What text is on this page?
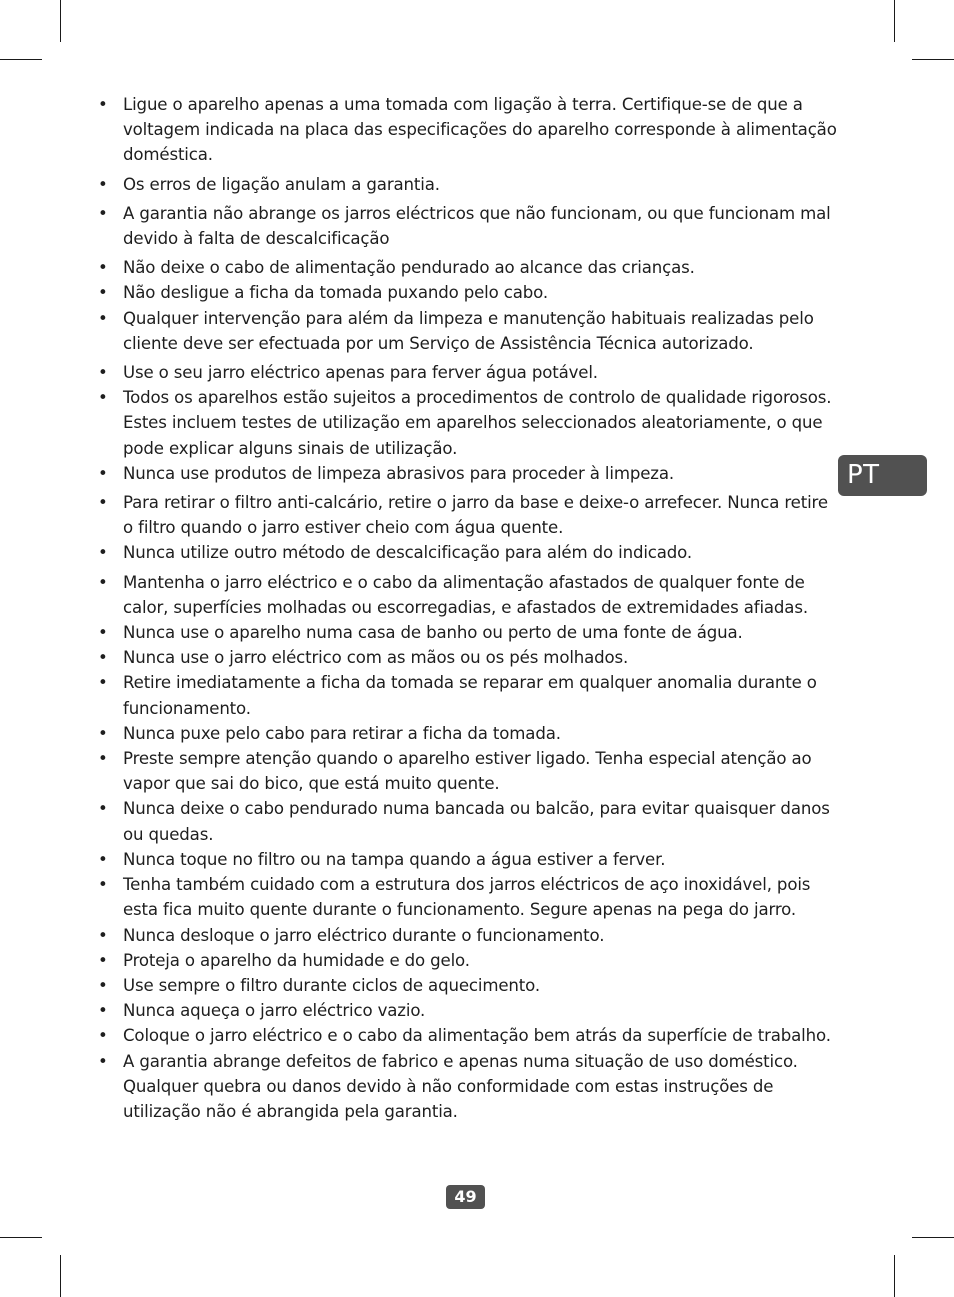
• Ligue o aparelho apenas a uma tomada com ligação à terra. Certifique-se de que a voltagem indicada na placa das especificações do aparelho corresponde à alimentação doméstica.
• Os erros de ligação anulam a garantia.
• A garantia não abrange os jarros eléctricos que não funcionam, ou que funcionam mal devido à falta de descalcificação
• Não deixe o cabo de alimentação pendurado ao alcance das crianças.
• Não desligue a ficha da tomada puxando pelo cabo.
• Qualquer intervenção para além da limpeza e manutenção habituais realizadas pelo cliente deve ser efectuada por um Serviço de Assistência Técnica autorizado.
• Use o seu jarro eléctrico apenas para ferver água potável.
• Todos os aparelhos estão sujeitos a procedimentos de controlo de qualidade rigorosos. Estes incluem testes de utilização em aparelhos seleccionados aleatoriamente, o que pode explicar alguns sinais de utilização.
• Nunca use produtos de limpeza abrasivos para proceder à limpeza.
• Para retirar o filtro anti-calcário, retire o jarro da base e deixe-o arrefecer. Nunca retire o filtro quando o jarro estiver cheio com água quente.
• Nunca utilize outro método de descalcificação para além do indicado.
• Mantenha o jarro eléctrico e o cabo da alimentação afastados de qualquer fonte de calor, superfícies molhadas ou escorregadias, e afastados de extremidades afiadas.
• Nunca use o aparelho numa casa de banho ou perto de uma fonte de água.
• Nunca use o jarro eléctrico com as mãos ou os pés molhados.
• Retire imediatamente a ficha da tomada se reparar em qualquer anomalia durante o funcionamento.
• Nunca puxe pelo cabo para retirar a ficha da tomada.
• Preste sempre atenção quando o aparelho estiver ligado. Tenha especial atenção ao vapor que sai do bico, que está muito quente.
• Nunca deixe o cabo pendurado numa bancada ou balcão, para evitar quaisquer danos ou quedas.
• Nunca toque no filtro ou na tampa quando a água estiver a ferver.
• Tenha também cuidado com a estrutura dos jarros eléctricos de aço inoxidável, pois esta fica muito quente durante o funcionamento. Segure apenas na pega do jarro.
• Nunca desloque o jarro eléctrico durante o funcionamento.
• Proteja o aparelho da humidade e do gelo.
• Use sempre o filtro durante ciclos de aquecimento.
• Nunca aqueça o jarro eléctrico vazio.
• Coloque o jarro eléctrico e o cabo da alimentação bem atrás da superfície de trabalho.
• A garantia abrange defeitos de fabrico e apenas numa situação de uso doméstico. Qualquer quebra ou danos devido à não conformidade com estas instruções de utilização não é abrangida pela garantia.
PT
49
